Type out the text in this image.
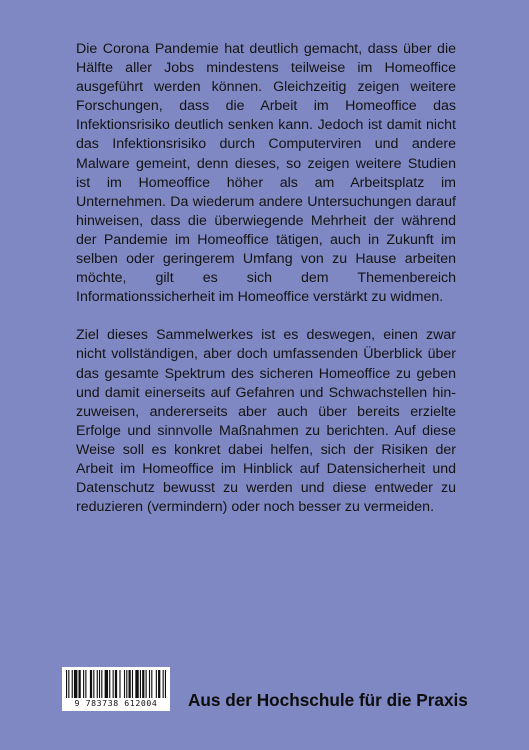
Die Corona Pandemie hat deutlich gemacht, dass über die Hälfte aller Jobs mindestens teilweise im Homeoffice ausgeführt werden können. Gleichzeitig zeigen weitere Forschungen, dass die Arbeit im Homeoffice das Infektionsrisiko deutlich senken kann. Jedoch ist damit nicht das Infektionsrisiko durch Computerviren und andere Malware gemeint, denn dieses, so zeigen weitere Studien ist im Homeoffice höher als am Arbeitsplatz im Unternehmen. Da wiederum andere Untersuchungen darauf hinweisen, dass die überwiegende Mehrheit der während der Pandemie im Homeoffice tätigen, auch in Zukunft im selben oder geringerem Umfang von zu Hause arbeiten möchte, gilt es sich dem Themenbereich Informationssicherheit im Homeoffice verstärkt zu widmen.

Ziel dieses Sammelwerkes ist es deswegen, einen zwar nicht vollständigen, aber doch umfassenden Überblick über das gesamte Spektrum des sicheren Homeoffice zu geben und damit einerseits auf Gefahren und Schwachstellen hin- zuweisen, andererseits aber auch über bereits erzielte Erfolge und sinnvolle Maßnahmen zu berichten. Auf diese Weise soll es konkret dabei helfen, sich der Risiken der Arbeit im Homeoffice im Hinblick auf Datensicherheit und Datenschutz bewusst zu werden und diese entweder zu reduzieren (vermindern) oder noch besser zu vermeiden.

9 783738 612004	Aus der Hochschule für die Praxis
